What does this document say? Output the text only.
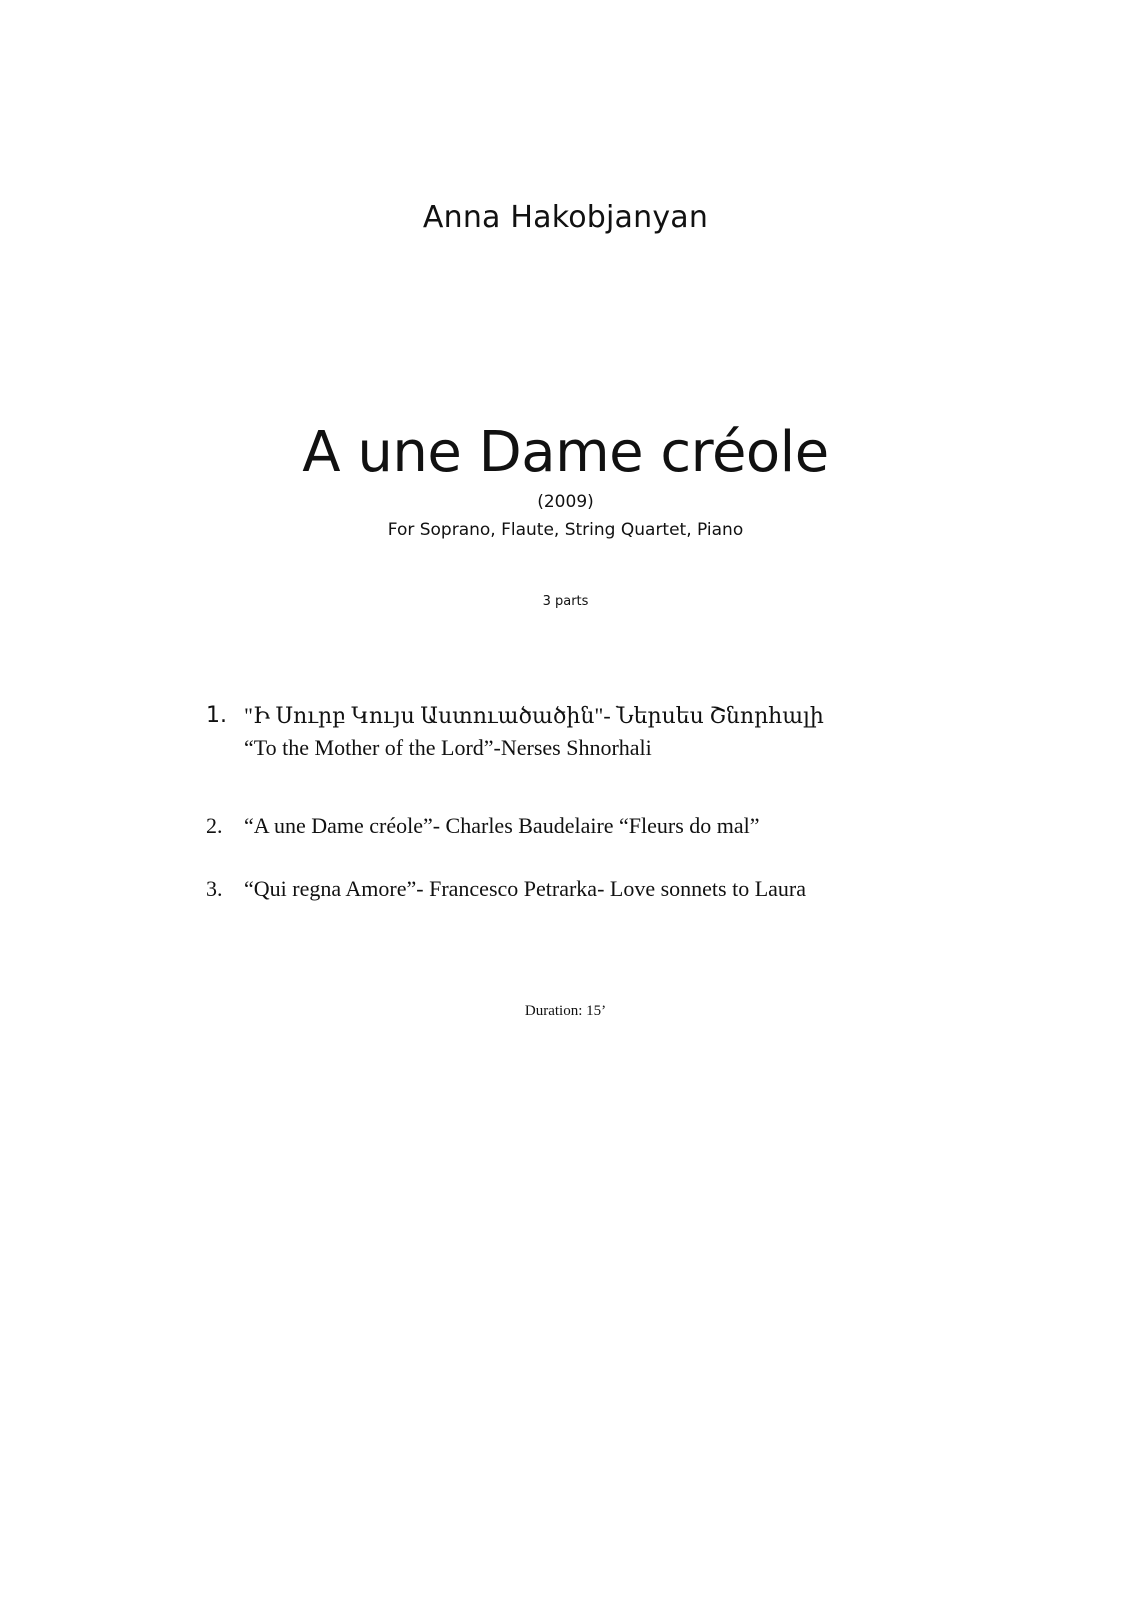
Anna Hakobjanyan
A une Dame créole
(2009)
For Soprano, Flaute, String Quartet, Piano
3 parts
1. "Ի Սուրբ Կույս Աստուածածին"- Ներսես Շնորհալի
“To the Mother of the Lord”-Nerses Shnorhali
2. “A une Dame créole”- Charles Baudelaire “Fleurs do mal”
3. “Qui regna Amore”- Francesco Petrarka- Love sonnets to Laura
Duration: 15’
